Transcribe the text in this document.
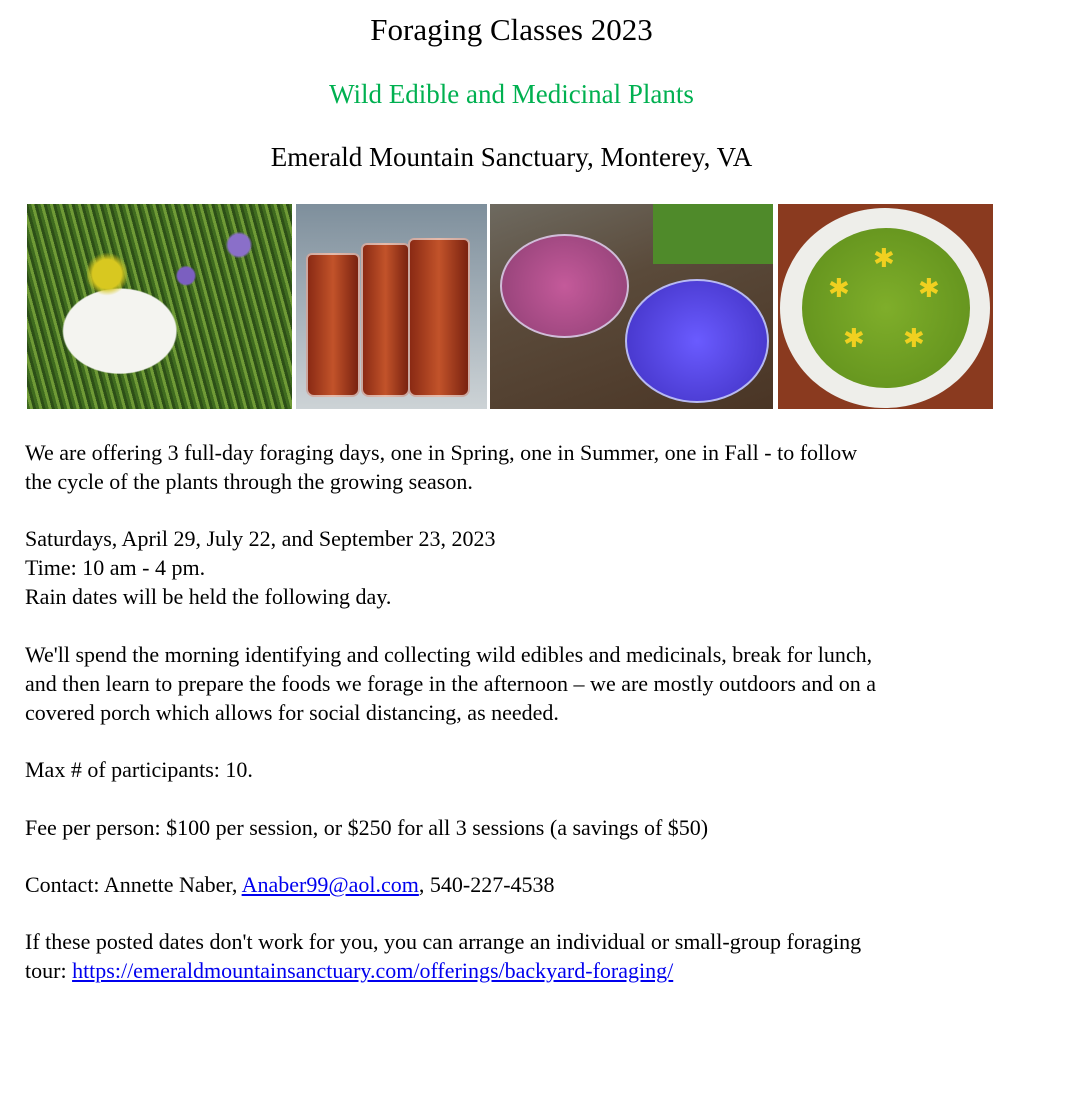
Foraging Classes 2023
Wild Edible and Medicinal Plants
Emerald Mountain Sanctuary, Monterey, VA
✱
✱	✱
✱ ✱
We are offering 3 full-day foraging days, one in Spring, one in Summer, one in Fall - to follow
the cycle of the plants through the growing season.
Saturdays, April 29, July 22, and September 23, 2023
Time: 10 am - 4 pm.
Rain dates will be held the following day.
We'll spend the morning identifying and collecting wild edibles and medicinals, break for lunch,
and then learn to prepare the foods we forage in the afternoon – we are mostly outdoors and on a
covered porch which allows for social distancing, as needed.
Max # of participants: 10.
Fee per person: $100 per session, or $250 for all 3 sessions (a savings of $50)
Contact: Annette Naber, Anaber99@aol.com, 540-227-4538
If these posted dates don't work for you, you can arrange an individual or small-group foraging
tour: https://emeraldmountainsanctuary.com/offerings/backyard-foraging/
